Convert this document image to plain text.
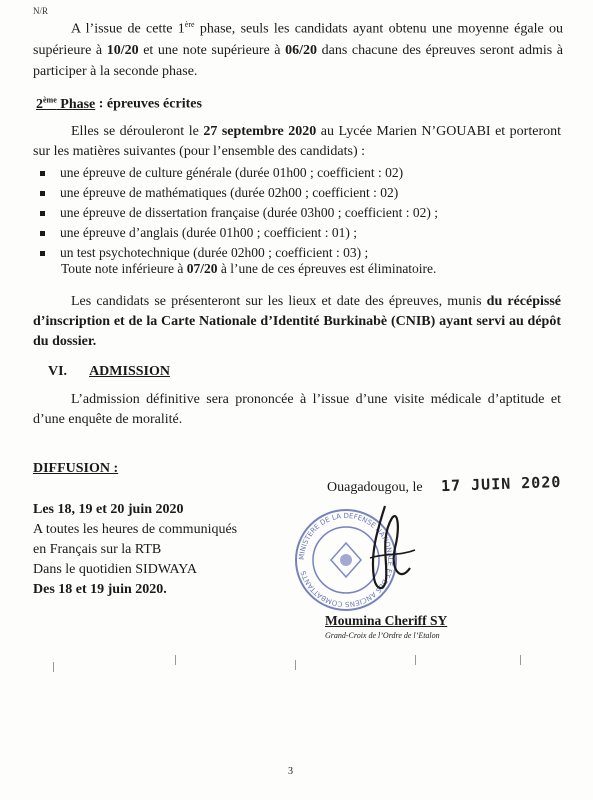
N/R
A l’issue de cette 1ère phase, seuls les candidats ayant obtenu une moyenne égale ou supérieure à 10/20 et une note supérieure à 06/20 dans chacune des épreuves seront admis à participer à la seconde phase.
2ème Phase : épreuves écrites
Elles se dérouleront le 27 septembre 2020 au Lycée Marien N’GOUABI et porteront sur les matières suivantes (pour l’ensemble des candidats) :
une épreuve de culture générale (durée 01h00 ; coefficient : 02)
une épreuve de mathématiques (durée 02h00 ; coefficient : 02)
une épreuve de dissertation française (durée 03h00 ; coefficient : 02) ;
une épreuve d’anglais (durée 01h00 ; coefficient : 01) ;
un test psychotechnique (durée 02h00 ; coefficient : 03) ;
Toute note inférieure à 07/20 à l’une de ces épreuves est éliminatoire.
Les candidats se présenteront sur les lieux et date des épreuves, munis du récépissé d’inscription et de la Carte Nationale d’Identité Burkinabè (CNIB) ayant servi au dépôt du dossier.
VI. ADMISSION
L’admission définitive sera prononcée à l’issue d’une visite médicale d’aptitude et d’une enquête de moralité.
DIFFUSION :
Les 18, 19 et 20 juin 2020
A toutes les heures de communiqués
en Français sur la RTB
Dans le quotidien SIDWAYA
Des 18 et 19 juin 2020.
Ouagadougou, le 17 JUIN 2020
MINISTERE DE LA DEFENSE NATIONALE ET DES ANCIENS COMBATTANTS
Moumina Cheriff SY
Grand-Croix de l’Ordre de l’Etalon
3
